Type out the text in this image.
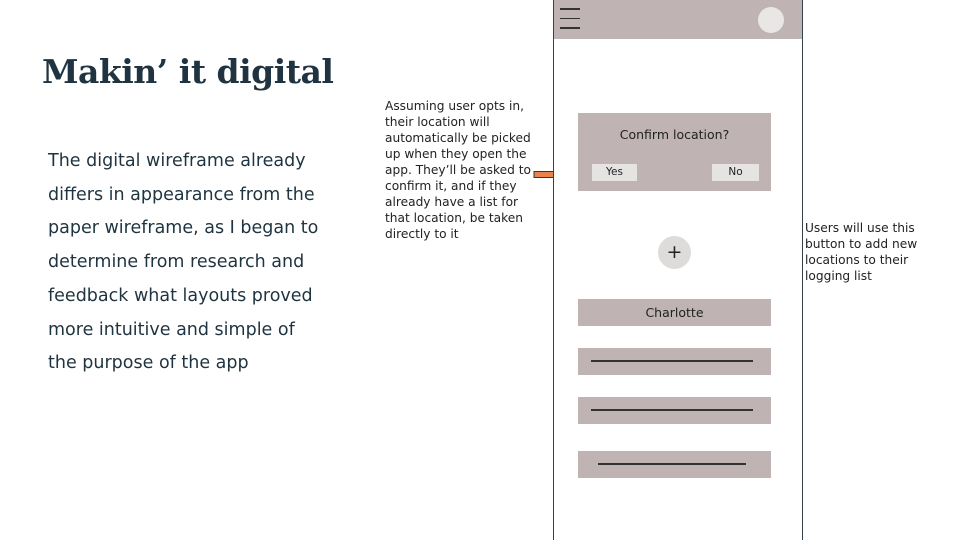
Makin’ it digital
The digital wireframe already differs in appearance from the paper wireframe, as I began to determine from research and feedback what layouts proved more intuitive and simple of the purpose of the app
Assuming user opts in, their location will automatically be picked up when they open the app. They’ll be asked to confirm it, and if they already have a list for that location, be taken directly to it	Users will use this button to add new locations to their logging list
Confirm location?
Yes	No
+
Charlotte
